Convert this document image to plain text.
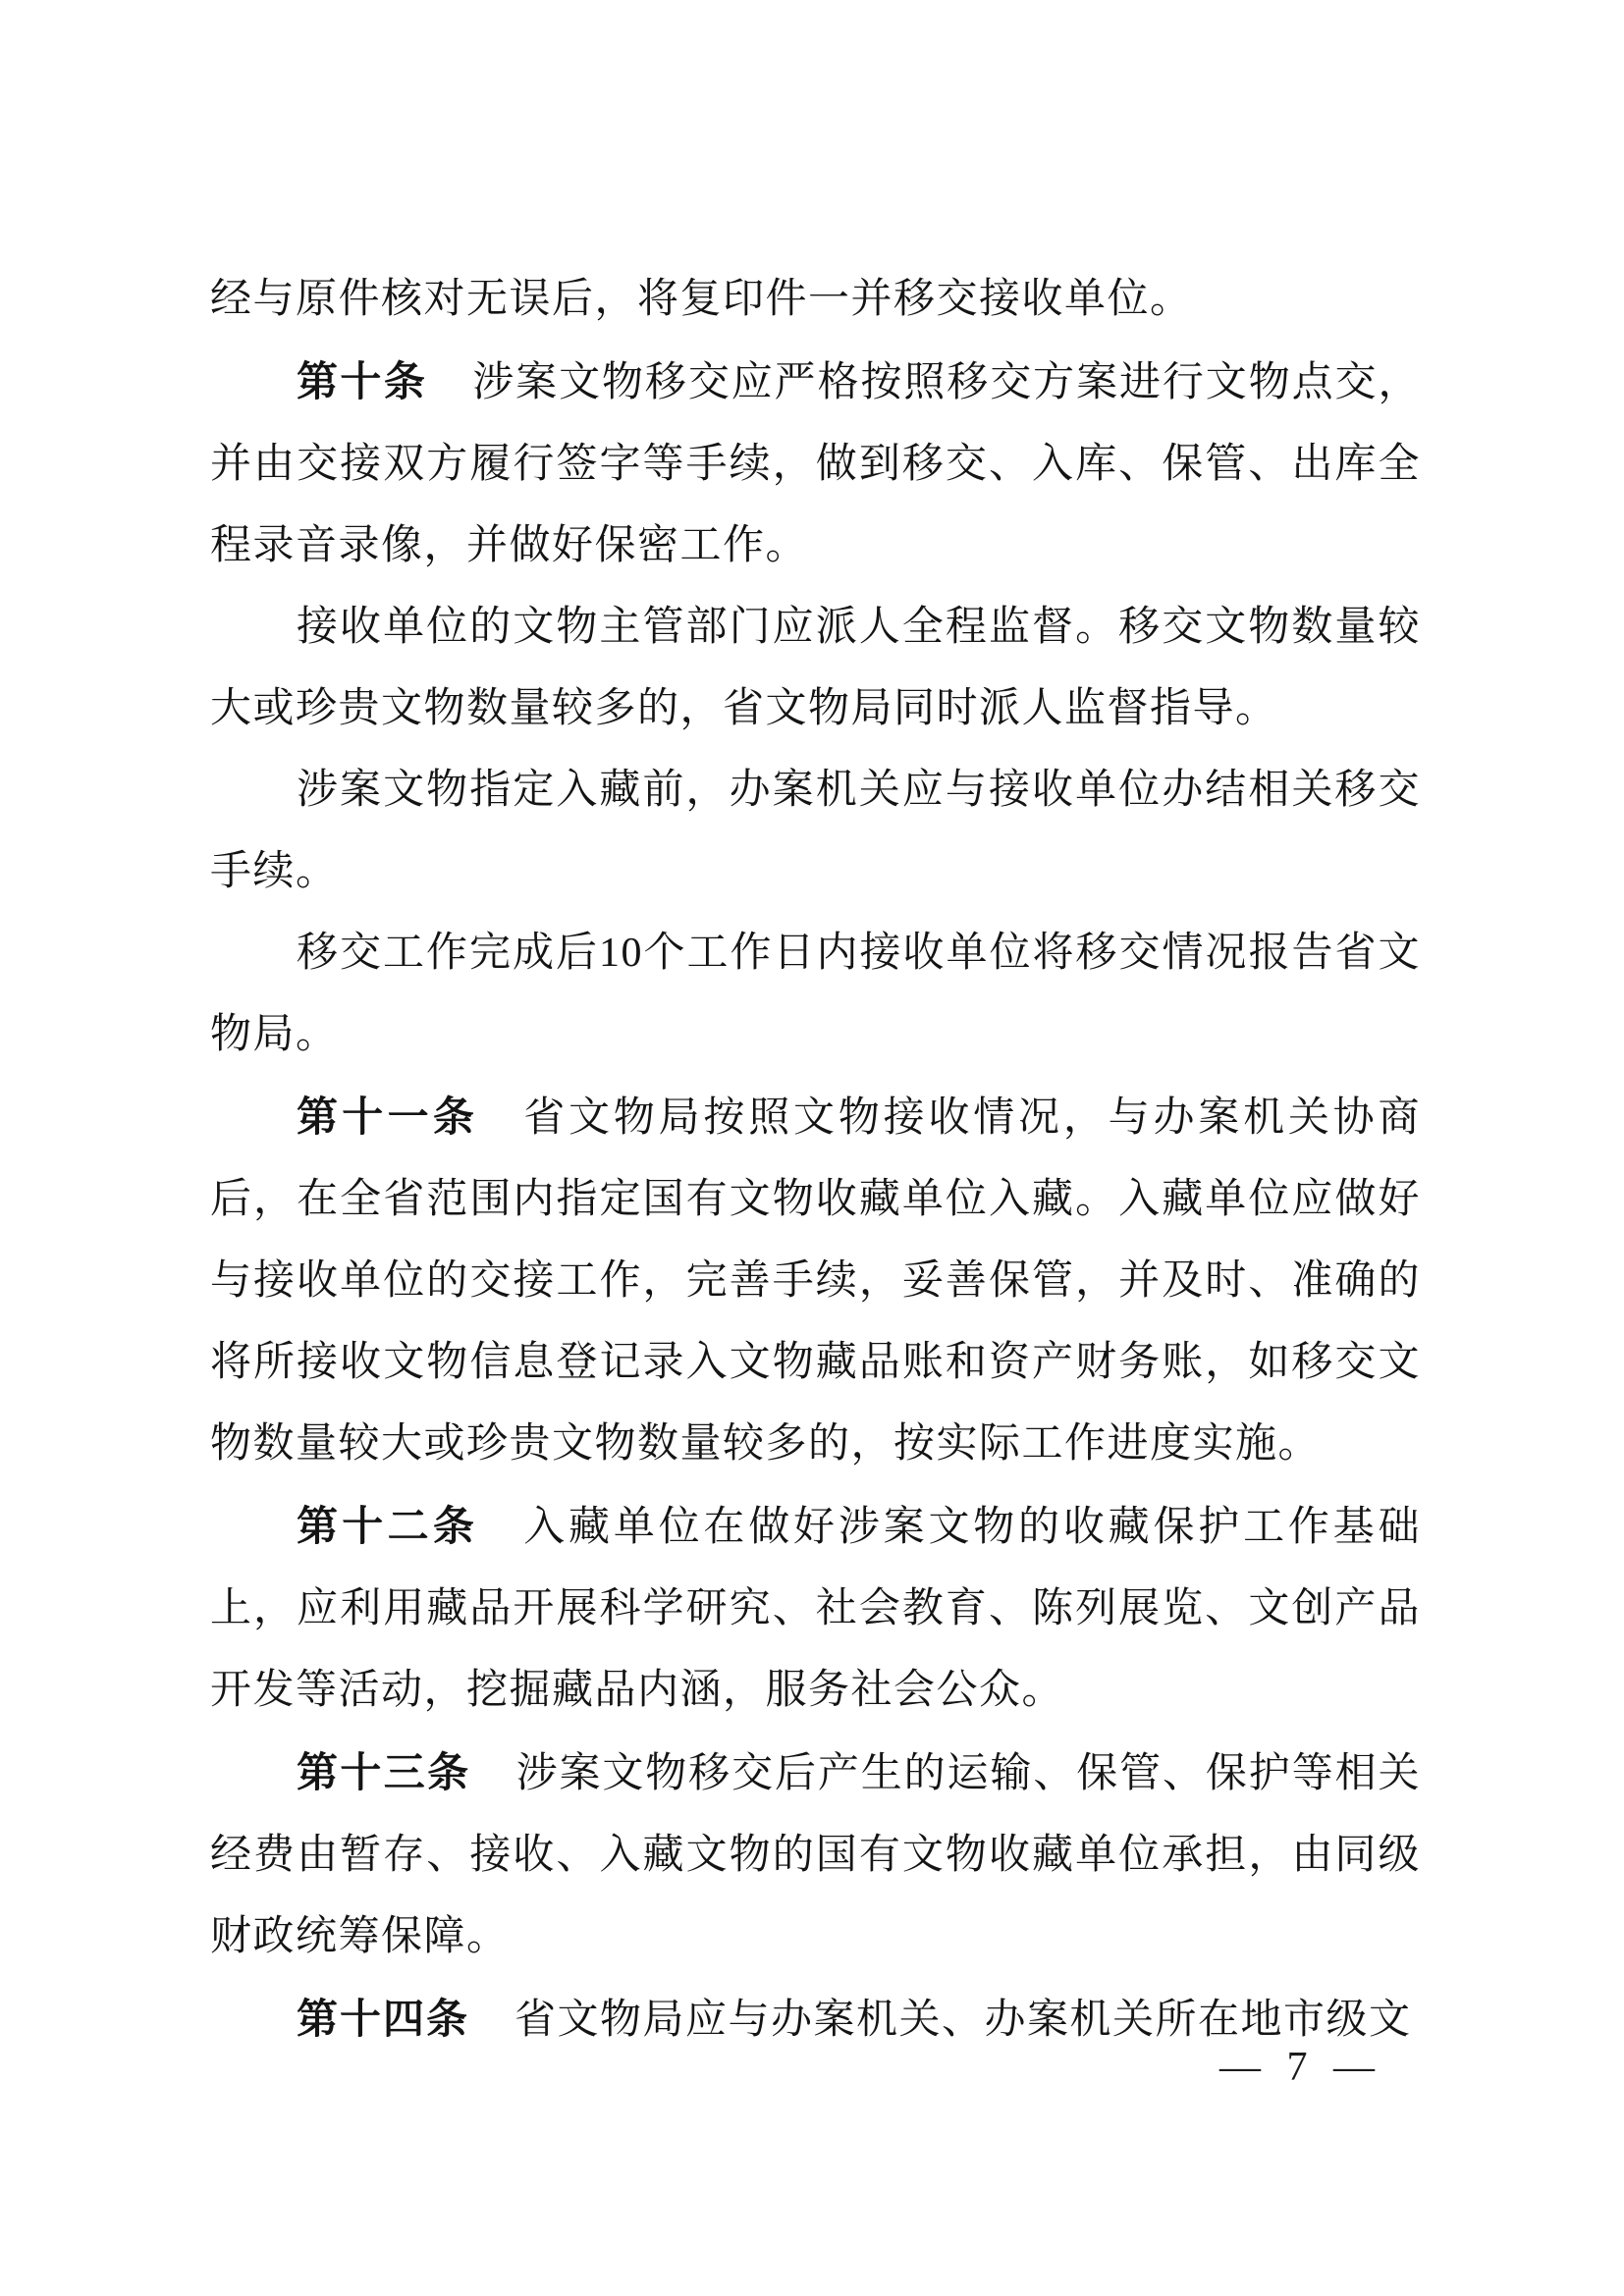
经与原件核对无误后，将复印件一并移交接收单位。

第十条 涉案文物移交应严格按照移交方案进行文物点交，并由交接双方履行签字等手续，做到移交、入库、保管、出库全程录音录像，并做好保密工作。

接收单位的文物主管部门应派人全程监督。移交文物数量较大或珍贵文物数量较多的，省文物局同时派人监督指导。

涉案文物指定入藏前，办案机关应与接收单位办结相关移交手续。

移交工作完成后10个工作日内接收单位将移交情况报告省文物局。

第十一条 省文物局按照文物接收情况，与办案机关协商后，在全省范围内指定国有文物收藏单位入藏。入藏单位应做好与接收单位的交接工作，完善手续，妥善保管，并及时、准确的将所接收文物信息登记录入文物藏品账和资产财务账，如移交文物数量较大或珍贵文物数量较多的，按实际工作进度实施。

第十二条 入藏单位在做好涉案文物的收藏保护工作基础上，应利用藏品开展科学研究、社会教育、陈列展览、文创产品开发等活动，挖掘藏品内涵，服务社会公众。

第十三条 涉案文物移交后产生的运输、保管、保护等相关经费由暂存、接收、入藏文物的国有文物收藏单位承担，由同级财政统筹保障。

第十四条 省文物局应与办案机关、办案机关所在地市级文

— 7 —
